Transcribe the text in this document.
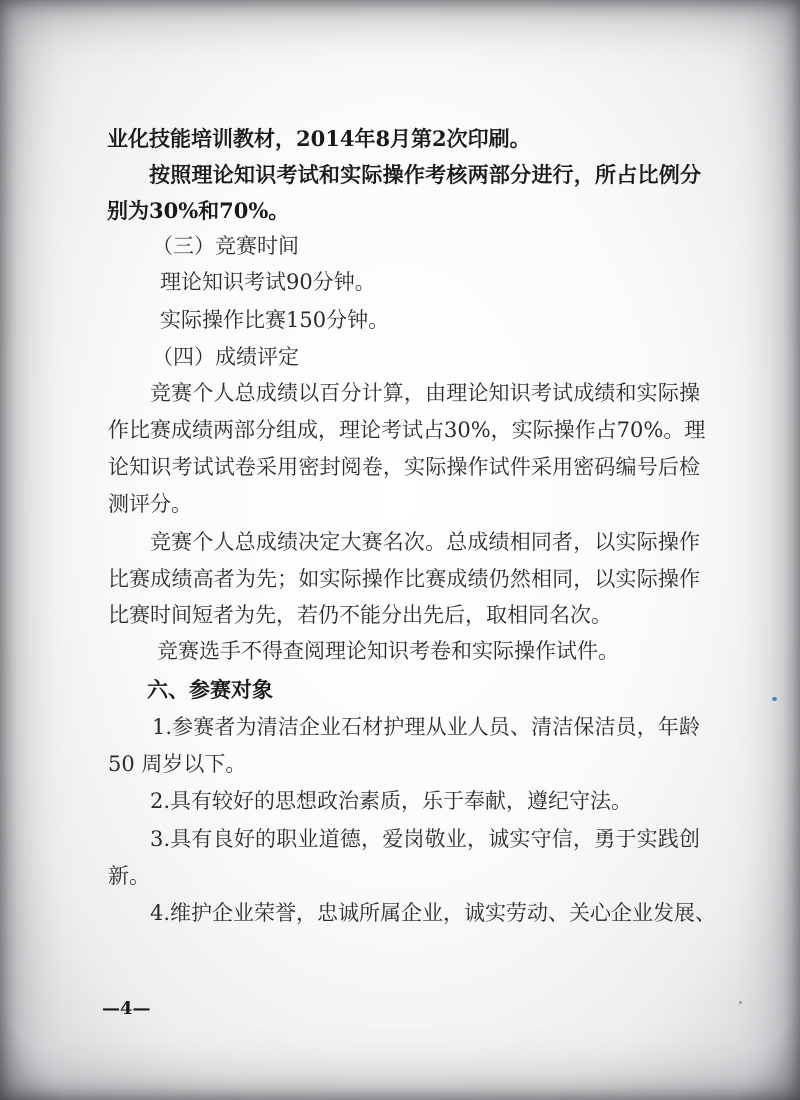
业化技能培训教材，2014年8月第2次印刷。
按照理论知识考试和实际操作考核两部分进行，所占比例分
别为30%和70%。
（三）竞赛时间
理论知识考试90分钟。
实际操作比赛150分钟。
（四）成绩评定
竞赛个人总成绩以百分计算，由理论知识考试成绩和实际操
作比赛成绩两部分组成，理论考试占30%，实际操作占70%。理
论知识考试试卷采用密封阅卷，实际操作试件采用密码编号后检
测评分。
竞赛个人总成绩决定大赛名次。总成绩相同者，以实际操作
比赛成绩高者为先；如实际操作比赛成绩仍然相同，以实际操作
比赛时间短者为先，若仍不能分出先后，取相同名次。
竞赛选手不得查阅理论知识考卷和实际操作试件。
六、参赛对象
1.参赛者为清洁企业石材护理从业人员、清洁保洁员，年龄
50 周岁以下。
2.具有较好的思想政治素质，乐于奉献，遵纪守法。
3.具有良好的职业道德，爱岗敬业，诚实守信，勇于实践创
新。
4.维护企业荣誉，忠诚所属企业，诚实劳动、关心企业发展、
—4—
